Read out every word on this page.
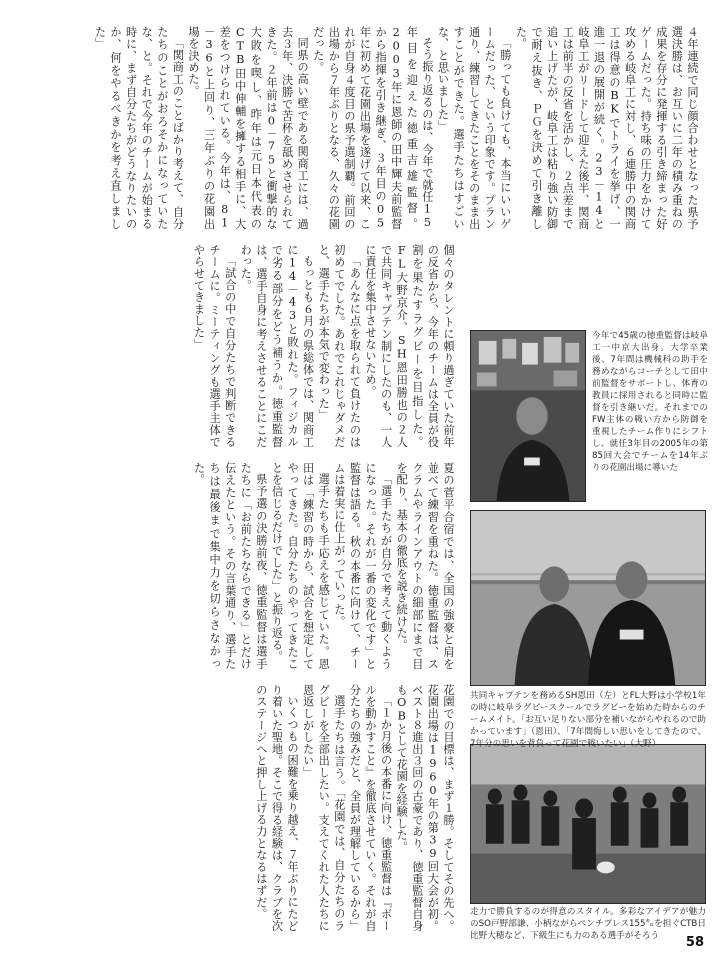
４年連続で同じ顔合わせとなった県予選決勝は、お互いに二年の積み重ねの成果を存分に発揮する引き締まった好ゲームだった。持ち味の圧力をかけて攻める岐阜工に対し、６連勝中の関商工は得意のBKでトライを挙げ、一進一退の展開が続く。23－14と岐阜工がリードして迎えた後半、関商工は前半の反省を活かし、２点差まで追い上げたが、岐阜工は粘り強い防御で耐え抜き、ＰＧを決めて引き離した。

「勝っても負けても、本当にいいゲームだった、という印象です。プラン通り、練習してきたことをそのまま出すことができた。選手たちはすごいな、と思いました」

そう振り返るのは、今年で就任15年目を迎えた徳重吉雄監督。2003年に恩師の田中輝夫前監督から指揮を引き継ぎ、３年目の05年に初めて花園出場を遂げて以来、これが自身４度目の県予選制覇。前回の出場から７年ぶりとなる、久々の花園だった。

同県の高い壁である関商工には、過去３年、決勝で苦杯を舐めさせられてきた。２年前は0－75と衝撃的な大敗を喫し、昨年は元日本代表のCTB田中伸輔を擁する相手に、大差をつけられている。今年は、81－36と上回り、三年ぶりの花園出場を決めた。

「関商工のことばかり考えて、自分たちのことがおろそかになっていたな、と。それで今年のチームが始まる時に、まず自分たちがどうなりたいのか、何をやるべきかを考え直しました」

個々のタレントに頼り過ぎていた前年の反省から、今年のチームは全員が役割を果たすラグビーを目指した。FL大野京介、SH恩田勝也の２人で共同キャプテン制にしたのも、一人に責任を集中させないため。

「あんなに点を取られて負けたのは初めてでした。あれでこれじゃダメだと、選手たちが本気で変わった」

もっとも６月の県総体では、関商工に14－43と敗れた。フィジカルで劣る部分をどう補うか。徳重監督は、選手自身に考えさせることにこだわった。

「試合の中で自分たちで判断できるチームに。ミーティングも選手主体でやらせてきました」

夏の菅平合宿では、全国の強豪と肩を並べて練習を重ねた。徳重監督は、スクラムやラインアウトの細部にまで目を配り、基本の徹底を説き続けた。

「選手たちが自分で考えて動くようになった。それが一番の変化です」と監督は語る。秋の本番に向けて、チームは着実に仕上がっていった。

選手たちも手応えを感じていた。恩田は「練習の時から、試合を想定してやってきた。自分たちのやってきたことを信じるだけでした」と振り返る。

県予選の決勝前夜、徳重監督は選手たちに「お前たちならできる」とだけ伝えたという。その言葉通り、選手たちは最後まで集中力を切らさなかった。

花園での目標は、まず１勝。そしてその先へ。花園出場は1960年の第39回大会が初。ベスト８進出３回の古豪であり、徳重監督自身もOBとして花園を経験した。

「１か月後の本番に向け、徳重監督は『ボールを動かすこと』を徹底させていく。それが自分たちの強みだと、全員が理解しているから」

選手たちは言う。「花園では、自分たちのラグビーを全部出したい。支えてくれた人たちに恩返しがしたい」

いくつもの困難を乗り越え、７年ぶりにたどり着いた聖地。そこで得る経験は、クラブを次のステージへと押し上げる力となるはずだ。

今年で45歳の徳重監督は岐阜工一中京大出身。大学卒業後、7年間は機械科の助手を務めながらコーチとして田中前監督をサポートし、体育の教員に採用されると同時に監督を引き継いだ。それまでのFW主体の戦い方から防御を重視したチーム作りにシフトし、就任3年目の2005年の第85回大会でチームを14年ぶりの花園出場に導いた
共同キャプテンを務めるSH恩田（左）とFL大野は小学校1年の時に岐阜ラグビースクールでラグビーを始めた時からのチームメイト。「お互い足りない部分を補いながらやれるので助かっています」（恩田）、「7年間悔しい思いをしてきたので、7年分の思いを背負って花園で戦いたい」（大野）
走力で勝負するのが得意のスタイル。多彩なアイデアが魅力のSO戸野部謙、小柄ながらペンチプレス155㌔を担ぐCTB日比野大穂など、下級生にも力のある選手がそろう	58
